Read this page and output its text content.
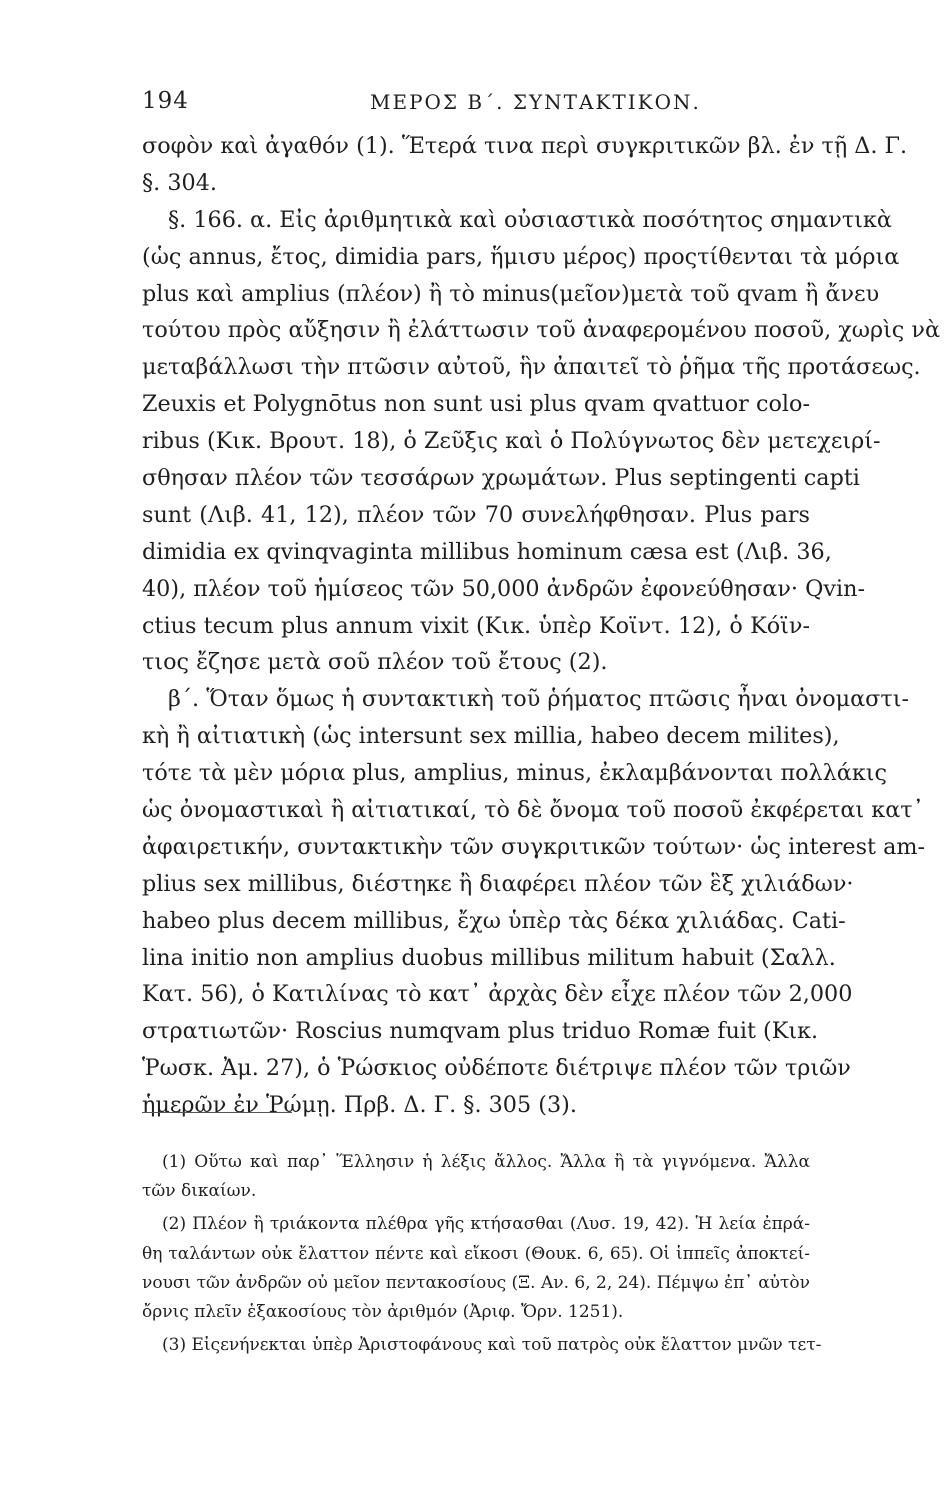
194	ΜΕΡΟΣ Β΄. ΣΥΝΤΑΚΤΙΚΟΝ.
σοφὸν καὶ ἀγαθόν (1). Ἕτερά τινα περὶ συγκριτικῶν βλ. ἐν τῇ Δ. Γ.
§. 304.
§. 166. α. Εἰς ἀριθμητικὰ καὶ οὐσιαστικὰ ποσότητος σημαντικὰ
(ὡς annus, ἔτος, dimidia pars, ἥμισυ μέρος) προςτίθενται τὰ μόρια
plus καὶ amplius (πλέον) ἢ τὸ minus(μεῖον)μετὰ τοῦ qvam ἢ ἄνευ
τούτου πρὸς αὔξησιν ἢ ἐλάττωσιν τοῦ ἀναφερομένου ποσοῦ, χωρὶς νὰ
μεταβάλλωσι τὴν πτῶσιν αὐτοῦ, ἣν ἀπαιτεῖ τὸ ῥῆμα τῆς προτάσεως.
Zeuxis et Polygnōtus non sunt usi plus qvam qvattuor colo-
ribus (Κικ. Βρουτ. 18), ὁ Ζεῦξις καὶ ὁ Πολύγνωτος δὲν μετεχειρί-
σθησαν πλέον τῶν τεσσάρων χρωμάτων. Plus septingenti capti
sunt (Λιβ. 41, 12), πλέον τῶν 70 συνελήφθησαν. Plus pars
dimidia ex qvinqvaginta millibus hominum cæsa est (Λιβ. 36,
40), πλέον τοῦ ἡμίσεος τῶν 50,000 ἀνδρῶν ἐφονεύθησαν· Qvin-
ctius tecum plus annum vixit (Κικ. ὑπὲρ Κοϊντ. 12), ὁ Κόϊν-
τιος ἔζησε μετὰ σοῦ πλέον τοῦ ἔτους (2).
β΄. Ὅταν ὅμως ἡ συντακτικὴ τοῦ ῥήματος πτῶσις ἦναι ὀνομαστι-
κὴ ἢ αἰτιατικὴ (ὡς intersunt sex millia, habeo decem milites),
τότε τὰ μὲν μόρια plus, amplius, minus, ἐκλαμβάνονται πολλάκις
ὡς ὀνομαστικαὶ ἢ αἰτιατικαί, τὸ δὲ ὄνομα τοῦ ποσοῦ ἐκφέρεται κατ᾽
ἀφαιρετικήν, συντακτικὴν τῶν συγκριτικῶν τούτων· ὡς interest am-
plius sex millibus, διέστηκε ἢ διαφέρει πλέον τῶν ἓξ χιλιάδων·
habeo plus decem millibus, ἔχω ὑπὲρ τὰς δέκα χιλιάδας. Cati-
lina initio non amplius duobus millibus militum habuit (Σαλλ.
Κατ. 56), ὁ Κατιλίνας τὸ κατ᾽ ἀρχὰς δὲν εἶχε πλέον τῶν 2,000
στρατιωτῶν· Roscius numqvam plus triduo Romæ fuit (Κικ.
Ῥωσκ. Ἀμ. 27), ὁ Ῥώσκιος οὐδέποτε διέτριψε πλέον τῶν τριῶν
ἡμερῶν ἐν Ῥώμῃ. Πρβ. Δ. Γ. §. 305 (3).
(1) Οὕτω καὶ παρ᾽ Ἕλλησιν ἡ λέξις ἄλλος. Ἄλλα ἢ τὰ γιγνόμενα. Ἄλλα
τῶν δικαίων.
(2) Πλέον ἢ τριάκοντα πλέθρα γῆς κτήσασθαι (Λυσ. 19, 42). Ἡ λεία ἐπρά-
θη ταλάντων οὐκ ἔλαττον πέντε καὶ εἴκοσι (Θουκ. 6, 65). Οἱ ἱππεῖς ἀποκτεί-
νουσι τῶν ἀνδρῶν οὐ μεῖον πεντακοσίους (Ξ. Αν. 6, 2, 24). Πέμψω ἐπ᾽ αὐτὸν
ὄρνις πλεῖν ἑξακοσίους τὸν ἀριθμόν (Ἀριφ. Ὄρν. 1251).
(3) Εἰςενήνεκται ὑπὲρ Ἀριστοφάνους καὶ τοῦ πατρὸς οὐκ ἔλαττον μνῶν τετ-
